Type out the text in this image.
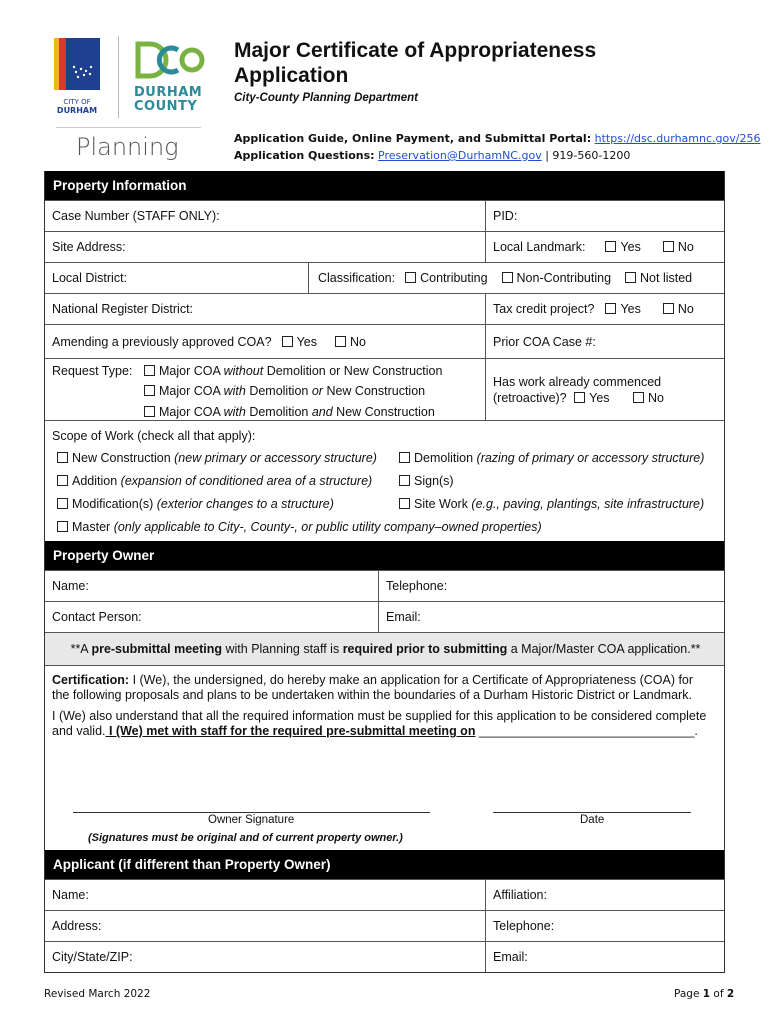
CITY OF
DURHAM
DURHAM
COUNTY
Planning
Major Certificate of Appropriateness
Application
City-County Planning Department
Application Guide, Online Payment, and Submittal Portal: https://dsc.durhamnc.gov/256
Application Questions: Preservation@DurhamNC.gov | 919-560-1200
Property Information
Case Number (STAFF ONLY):	PID:
Site Address:	Local Landmark:	Yes	No
Local District:	Classification:	Contributing	Non-Contributing	Not listed
National Register District:	Tax credit project?	Yes	No
Amending a previously approved COA?	Yes	No	Prior COA Case #:
Request Type:	Major COA without Demolition or New Construction
Major COA with Demolition or New Construction
Major COA with Demolition and New Construction
Has work already commenced
(retroactive)? Yes	No
Scope of Work (check all that apply):
New Construction (new primary or accessory structure)	Demolition (razing of primary or accessory structure)
Addition (expansion of conditioned area of a structure)	Sign(s)
Modification(s) (exterior changes to a structure)	Site Work (e.g., paving, plantings, site infrastructure)
Master (only applicable to City-, County-, or public utility company–owned properties)
Property Owner
Name:	Telephone:
Contact Person:	Email:
**A pre-submittal meeting with Planning staff is required prior to submitting a Major/Master COA application.**
Certification: I (We), the undersigned, do hereby make an application for a Certificate of Appropriateness (COA) for
the following proposals and plans to be undertaken within the boundaries of a Durham Historic District or Landmark.
I (We) also understand that all the required information must be supplied for this application to be considered complete
and valid. I (We) met with staff for the required pre-submittal meeting on _______________________________.
Owner Signature	Date
(Signatures must be original and of current property owner.)
Applicant (if different than Property Owner)
Name:	Affiliation:
Address:	Telephone:
City/State/ZIP:	Email:
Revised March 2022	Page 1 of 2
